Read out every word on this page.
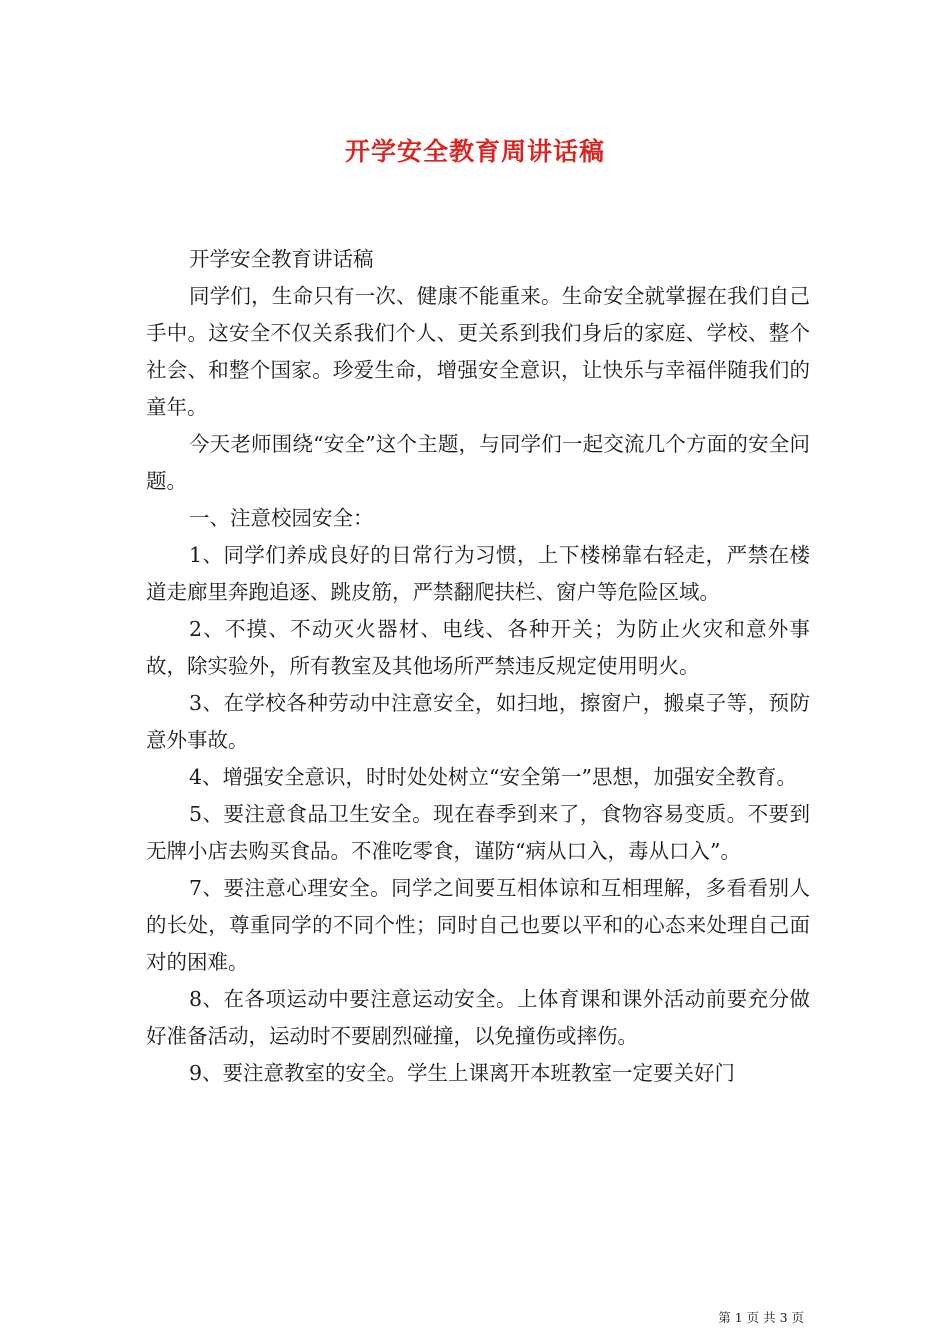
开学安全教育周讲话稿

开学安全教育讲话稿

同学们，生命只有一次、健康不能重来。生命安全就掌握在我们自己手中。这安全不仅关系我们个人、更关系到我们身后的家庭、学校、整个社会、和整个国家。珍爱生命，增强安全意识，让快乐与幸福伴随我们的童年。

今天老师围绕“安全”这个主题，与同学们一起交流几个方面的安全问题。

一、注意校园安全：

1、同学们养成良好的日常行为习惯，上下楼梯靠右轻走，严禁在楼道走廊里奔跑追逐、跳皮筋，严禁翻爬扶栏、窗户等危险区域。

2、不摸、不动灭火器材、电线、各种开关；为防止火灾和意外事故，除实验外，所有教室及其他场所严禁违反规定使用明火。

3、在学校各种劳动中注意安全，如扫地，擦窗户，搬桌子等，预防意外事故。

4、增强安全意识，时时处处树立“安全第一”思想，加强安全教育。

5、要注意食品卫生安全。现在春季到来了，食物容易变质。不要到无牌小店去购买食品。不准吃零食，谨防“病从口入，毒从口入”。

7、要注意心理安全。同学之间要互相体谅和互相理解，多看看别人的长处，尊重同学的不同个性；同时自己也要以平和的心态来处理自己面对的困难。

8、在各项运动中要注意运动安全。上体育课和课外活动前要充分做好准备活动，运动时不要剧烈碰撞，以免撞伤或摔伤。

9、要注意教室的安全。学生上课离开本班教室一定要关好门

第 1 页 共 3 页
